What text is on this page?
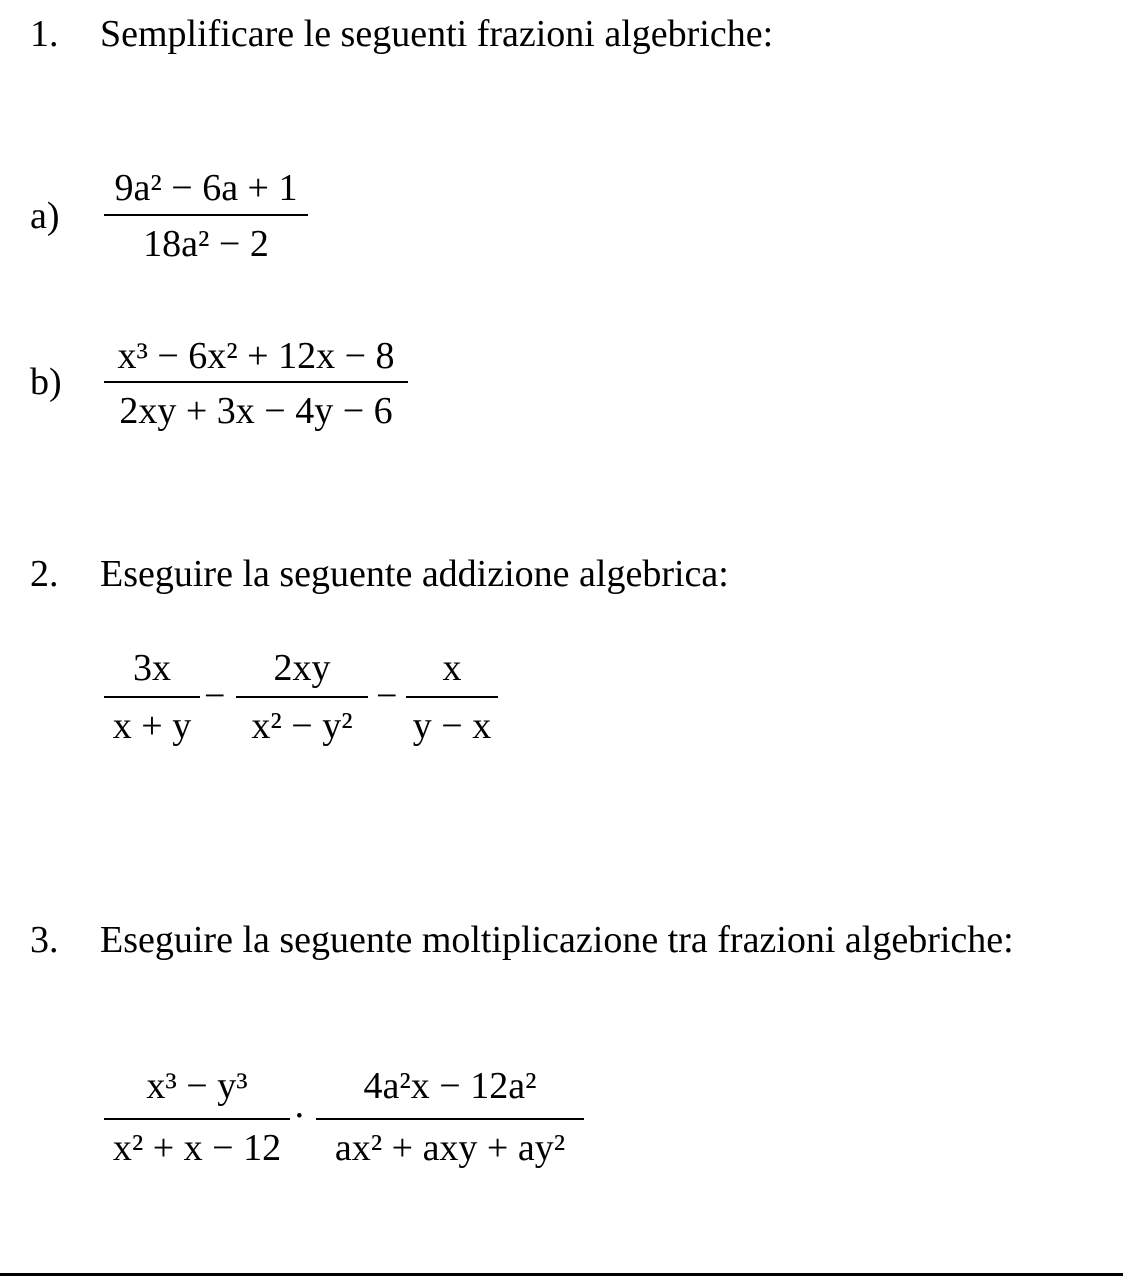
1. Semplificare le seguenti frazioni algebriche:
a)
9a² − 6a + 1
18a² − 2
b)
x³ − 6x² + 12x − 8
2xy + 3x − 4y − 6
2. Eseguire la seguente addizione algebrica:
3x
x + y
−
2xy
x² − y²
−
x
y − x
3. Eseguire la seguente moltiplicazione tra frazioni algebriche:
x³ − y³
x² + x − 12
·
4a²x − 12a²
ax² + axy + ay²
